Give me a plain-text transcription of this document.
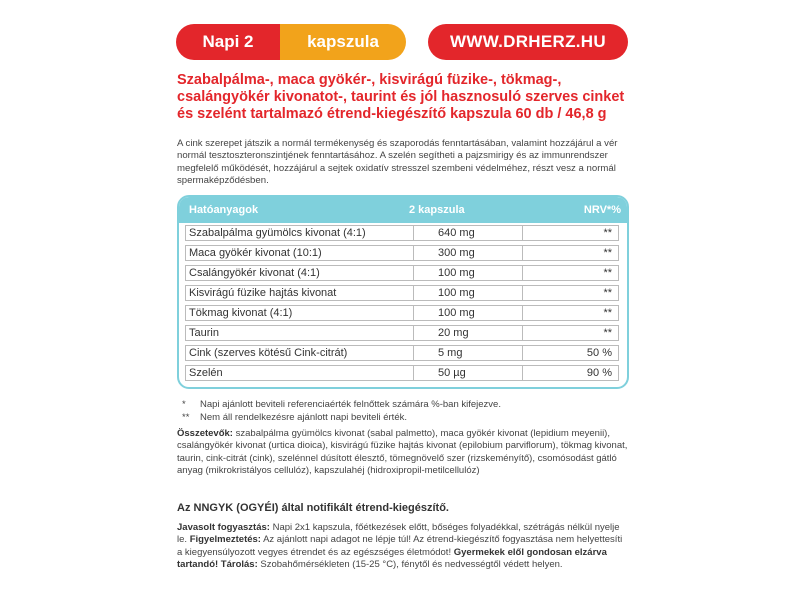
Napi 2	kapszula	WWW.DRHERZ.HU
Szabalpálma-, maca gyökér-, kisvirágú füzike-, tökmag-, csalángyökér kivonatot-, taurint és jól hasznosuló szerves cinket és szelént tartalmazó étrend-kiegészítő kapszula 60 db / 46,8 g
A cink szerepet játszik a normál termékenység és szaporodás fenntartásában, valamint hozzájárul a vér normál tesztoszteronszintjének fenntartásához. A szelén segítheti a pajzsmirigy és az immunrendszer megfelelő működését, hozzájárul a sejtek oxidatív stresszel szembeni védelméhez, részt vesz a normál spermaképződésben.
Hatóanyagok	2 kapszula	NRV*%
Szabalpálma gyümölcs kivonat (4:1)	640 mg	**
Maca gyökér kivonat (10:1)	300 mg	**
Csalángyökér kivonat (4:1)	100 mg	**
Kisvirágú füzike hajtás kivonat	100 mg	**
Tökmag kivonat (4:1)	100 mg	**
Taurin	20 mg	**
Cink (szerves kötésű Cink-citrát)	5 mg	50 %
Szelén	50 µg	90 %
*	Napi ajánlott beviteli referenciaérték felnőttek számára %-ban kifejezve.
**	Nem áll rendelkezésre ajánlott napi beviteli érték.
Összetevők: szabalpálma gyümölcs kivonat (sabal palmetto), maca gyökér kivonat (lepidium meyenii), csalángyökér kivonat (urtica dioica), kisvirágú füzike hajtás kivonat (epilobium parviflorum), tökmag kivonat, taurin, cink-citrát (cink), szelénnel dúsított élesztő, tömegnövelő szer (rizskeményítő), csomósodást gátló anyag (mikrokristályos cellulóz), kapszulahéj (hidroxipropil-metilcellulóz)
Az NNGYK (OGYÉI) által notifikált étrend-kiegészítő.
Javasolt fogyasztás: Napi 2x1 kapszula, főétkezések előtt, bőséges folyadékkal, szétrágás nélkül nyelje le. Figyelmeztetés: Az ajánlott napi adagot ne lépje túl! Az étrend-kiegészítő fogyasztása nem helyettesíti a kiegyensúlyozott vegyes étrendet és az egészséges életmódot! Gyermekek elől gondosan elzárva tartandó! Tárolás: Szobahőmérsékleten (15-25 °C), fénytől és nedvességtől védett helyen.
